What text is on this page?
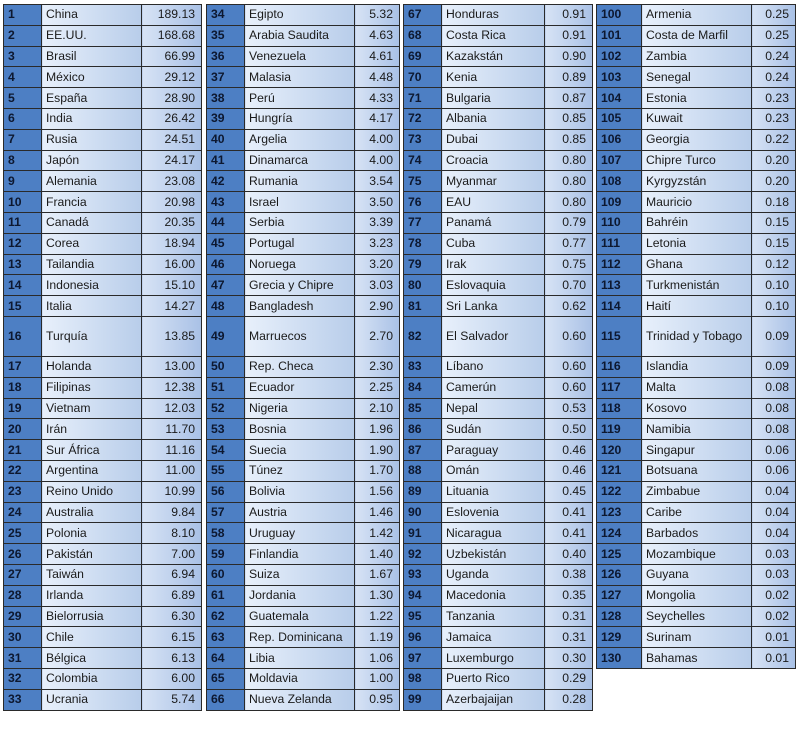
1	China	189.13
2	EE.UU.	168.68
3	Brasil	66.99
4	México	29.12
5	España	28.90
6	India	26.42
7	Rusia	24.51
8	Japón	24.17
9	Alemania	23.08
10	Francia	20.98
11	Canadá	20.35
12	Corea	18.94
13	Tailandia	16.00
14	Indonesia	15.10
15	Italia	14.27
16	Turquía	13.85
17	Holanda	13.00
18	Filipinas	12.38
19	Vietnam	12.03
20	Irán	11.70
21	Sur África	11.16
22	Argentina	11.00
23	Reino Unido	10.99
24	Australia	9.84
25	Polonia	8.10
26	Pakistán	7.00
27	Taiwán	6.94
28	Irlanda	6.89
29	Bielorrusia	6.30
30	Chile	6.15
31	Bélgica	6.13
32	Colombia	6.00
33	Ucrania	5.74
34	Egipto	5.32
35	Arabia Saudita	4.63
36	Venezuela	4.61
37	Malasia	4.48
38	Perú	4.33
39	Hungría	4.17
40	Argelia	4.00
41	Dinamarca	4.00
42	Rumania	3.54
43	Israel	3.50
44	Serbia	3.39
45	Portugal	3.23
46	Noruega	3.20
47	Grecia y Chipre	3.03
48	Bangladesh	2.90
49	Marruecos	2.70
50	Rep. Checa	2.30
51	Ecuador	2.25
52	Nigeria	2.10
53	Bosnia	1.96
54	Suecia	1.90
55	Túnez	1.70
56	Bolivia	1.56
57	Austria	1.46
58	Uruguay	1.42
59	Finlandia	1.40
60	Suiza	1.67
61	Jordania	1.30
62	Guatemala	1.22
63	Rep. Dominicana	1.19
64	Libia	1.06
65	Moldavia	1.00
66	Nueva Zelanda	0.95
67	Honduras	0.91
68	Costa Rica	0.91
69	Kazakstán	0.90
70	Kenia	0.89
71	Bulgaria	0.87
72	Albania	0.85
73	Dubai	0.85
74	Croacia	0.80
75	Myanmar	0.80
76	EAU	0.80
77	Panamá	0.79
78	Cuba	0.77
79	Irak	0.75
80	Eslovaquia	0.70
81	Sri Lanka	0.62
82	El Salvador	0.60
83	Líbano	0.60
84	Camerún	0.60
85	Nepal	0.53
86	Sudán	0.50
87	Paraguay	0.46
88	Omán	0.46
89	Lituania	0.45
90	Eslovenia	0.41
91	Nicaragua	0.41
92	Uzbekistán	0.40
93	Uganda	0.38
94	Macedonia	0.35
95	Tanzania	0.31
96	Jamaica	0.31
97	Luxemburgo	0.30
98	Puerto Rico	0.29
99	Azerbajaijan	0.28
100	Armenia	0.25
101	Costa de Marfil	0.25
102	Zambia	0.24
103	Senegal	0.24
104	Estonia	0.23
105	Kuwait	0.23
106	Georgia	0.22
107	Chipre Turco	0.20
108	Kyrgyzstán	0.20
109	Mauricio	0.18
110	Bahréin	0.15
111	Letonia	0.15
112	Ghana	0.12
113	Turkmenistán	0.10
114	Haití	0.10
115	Trinidad y Tobago	0.09
116	Islandia	0.09
117	Malta	0.08
118	Kosovo	0.08
119	Namibia	0.08
120	Singapur	0.06
121	Botsuana	0.06
122	Zimbabue	0.04
123	Caribe	0.04
124	Barbados	0.04
125	Mozambique	0.03
126	Guyana	0.03
127	Mongolia	0.02
128	Seychelles	0.02
129	Surinam	0.01
130	Bahamas	0.01
